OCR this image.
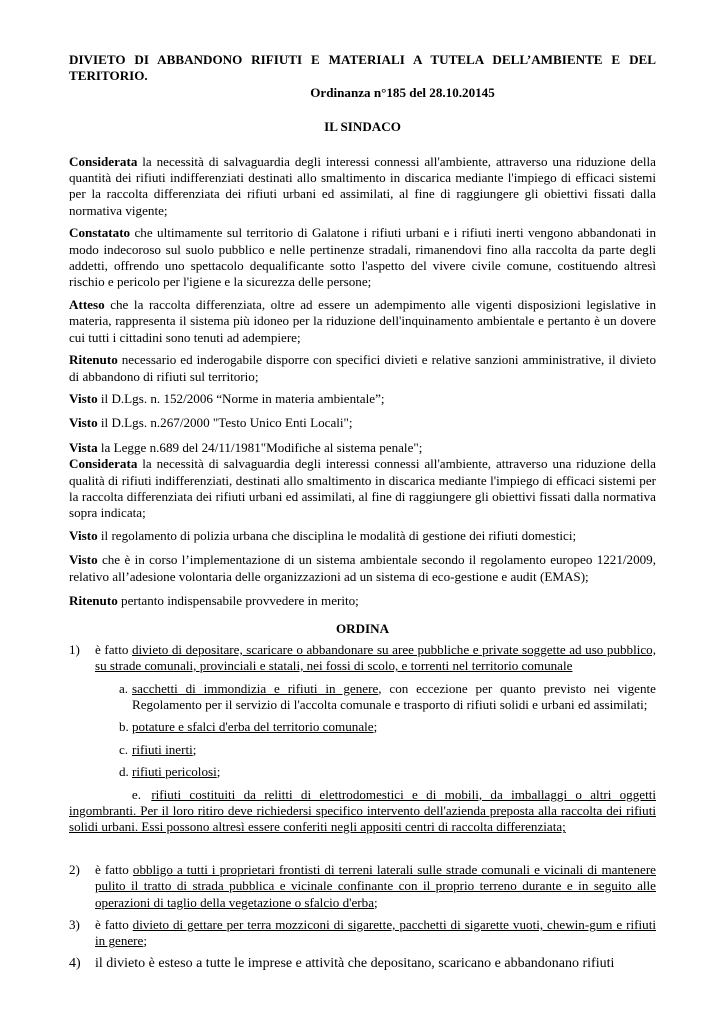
DIVIETO DI ABBANDONO RIFIUTI E MATERIALI A TUTELA DELL’AMBIENTE E DEL TERITORIO.

Ordinanza n°185 del 28.10.20145

IL SINDACO

Considerata la necessità di salvaguardia degli interessi connessi all'ambiente, attraverso una riduzione della quantità dei rifiuti indifferenziati destinati allo smaltimento in discarica mediante l'impiego di efficaci sistemi per la raccolta differenziata dei rifiuti urbani ed assimilati, al fine di raggiungere gli obiettivi fissati dalla normativa vigente;

Constatato che ultimamente sul territorio di Galatone i rifiuti urbani e i rifiuti inerti vengono abbandonati in modo indecoroso sul suolo pubblico e nelle pertinenze stradali, rimanendovi fino alla raccolta da parte degli addetti, offrendo uno spettacolo dequalificante sotto l'aspetto del vivere civile comune, costituendo altresì rischio e pericolo per l'igiene e la sicurezza delle persone;

Atteso che la raccolta differenziata, oltre ad essere un adempimento alle vigenti disposizioni legislative in materia, rappresenta il sistema più idoneo per la riduzione dell'inquinamento ambientale e pertanto è un dovere cui tutti i cittadini sono tenuti ad adempiere;

Ritenuto necessario ed inderogabile disporre con specifici divieti e relative sanzioni amministrative, il divieto di abbandono di rifiuti sul territorio;

Visto il D.Lgs. n. 152/2006 “Norme in materia ambientale”;

Visto il D.Lgs. n.267/2000 "Testo Unico Enti Locali";

Vista la Legge n.689 del 24/11/1981"Modifiche al sistema penale";

Considerata la necessità di salvaguardia degli interessi connessi all'ambiente, attraverso una riduzione della qualità di rifiuti indifferenziati, destinati allo smaltimento in discarica mediante l'impiego di efficaci sistemi per la raccolta differenziata dei rifiuti urbani ed assimilati, al fine di raggiungere gli obiettivi fissati dalla normativa sopra indicata;

Visto il regolamento di polizia urbana che disciplina le modalità di gestione dei rifiuti domestici;

Visto che è in corso l’implementazione di un sistema ambientale secondo il regolamento europeo 1221/2009, relativo all’adesione volontaria delle organizzazioni ad un sistema di eco-gestione e audit (EMAS);

Ritenuto pertanto indispensabile provvedere in merito;

ORDINA

1) è fatto divieto di depositare, scaricare o abbandonare su aree pubbliche e private soggette ad uso pubblico, su strade comunali, provinciali e statali, nei fossi di scolo, e torrenti nel territorio comunale
a. sacchetti di immondizia e rifiuti in genere, con eccezione per quanto previsto nei vigente Regolamento per il servizio di l'accolta comunale e trasporto di rifiuti solidi e urbani ed assimilati;
b. potature e sfalci d'erba del territorio comunale;
c. rifiuti inerti;
d. rifiuti pericolosi;
e. rifiuti costituiti da relitti di elettrodomestici e di mobili, da imballaggi o altri oggetti ingombranti. Per il loro ritiro deve richiedersi specifico intervento dell'azienda preposta alla raccolta dei rifiuti solidi urbani. Essi possono altresì essere conferiti negli appositi centri di raccolta differenziata;
2) è fatto obbligo a tutti i proprietari frontisti di terreni laterali sulle strade comunali e vicinali di mantenere pulito il tratto di strada pubblica e vicinale confinante con il proprio terreno durante e in seguito alle operazioni di taglio della vegetazione o sfalcio d'erba;
3) è fatto divieto di gettare per terra mozziconi di sigarette, pacchetti di sigarette vuoti, chewin-gum e rifiuti in genere;
4) il divieto è esteso a tutte le imprese e attività che depositano, scaricano e abbandonano rifiuti
